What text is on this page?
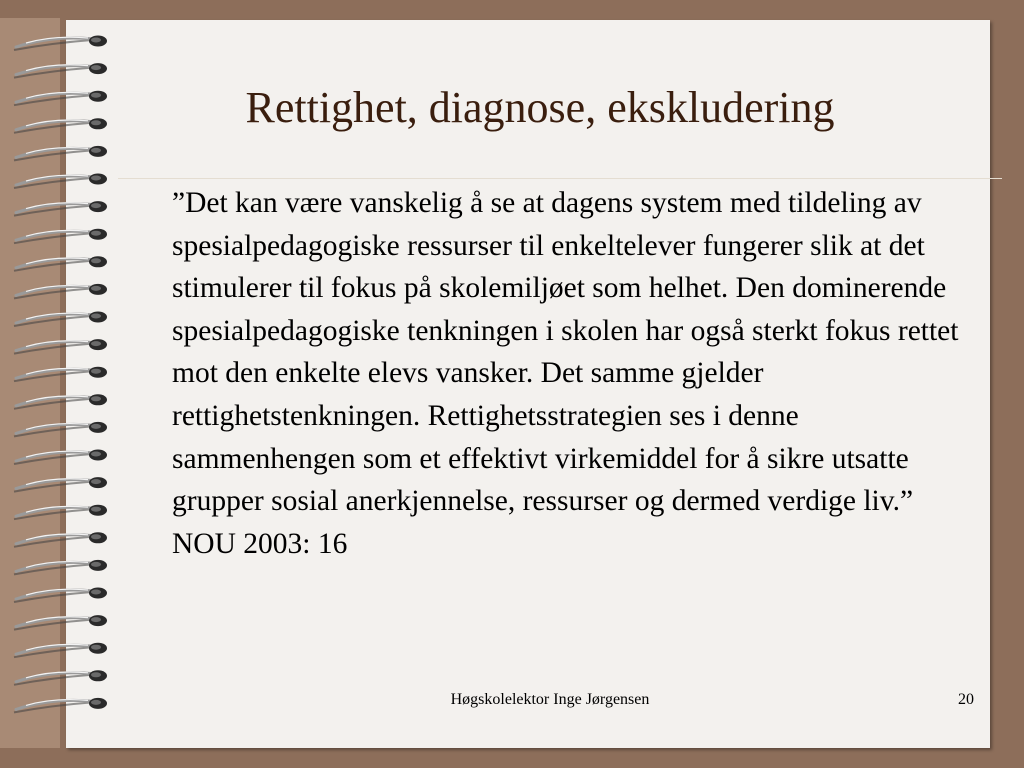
Rettighet, diagnose, ekskludering

”Det kan være vanskelig å se at dagens system med tildeling av spesialpedagogiske ressurser til enkeltelever fungerer slik at det stimulerer til fokus på skolemiljøet som helhet. Den dominerende spesialpedagogiske tenkningen i skolen har også sterkt fokus rettet mot den enkelte elevs vansker. Det samme gjelder rettighetstenkningen. Rettighetsstrategien ses i denne sammenhengen som et effektivt virkemiddel for å sikre utsatte grupper sosial anerkjennelse, ressurser og dermed verdige liv.” NOU 2003: 16

Høgskolelektor Inge Jørgensen	20
